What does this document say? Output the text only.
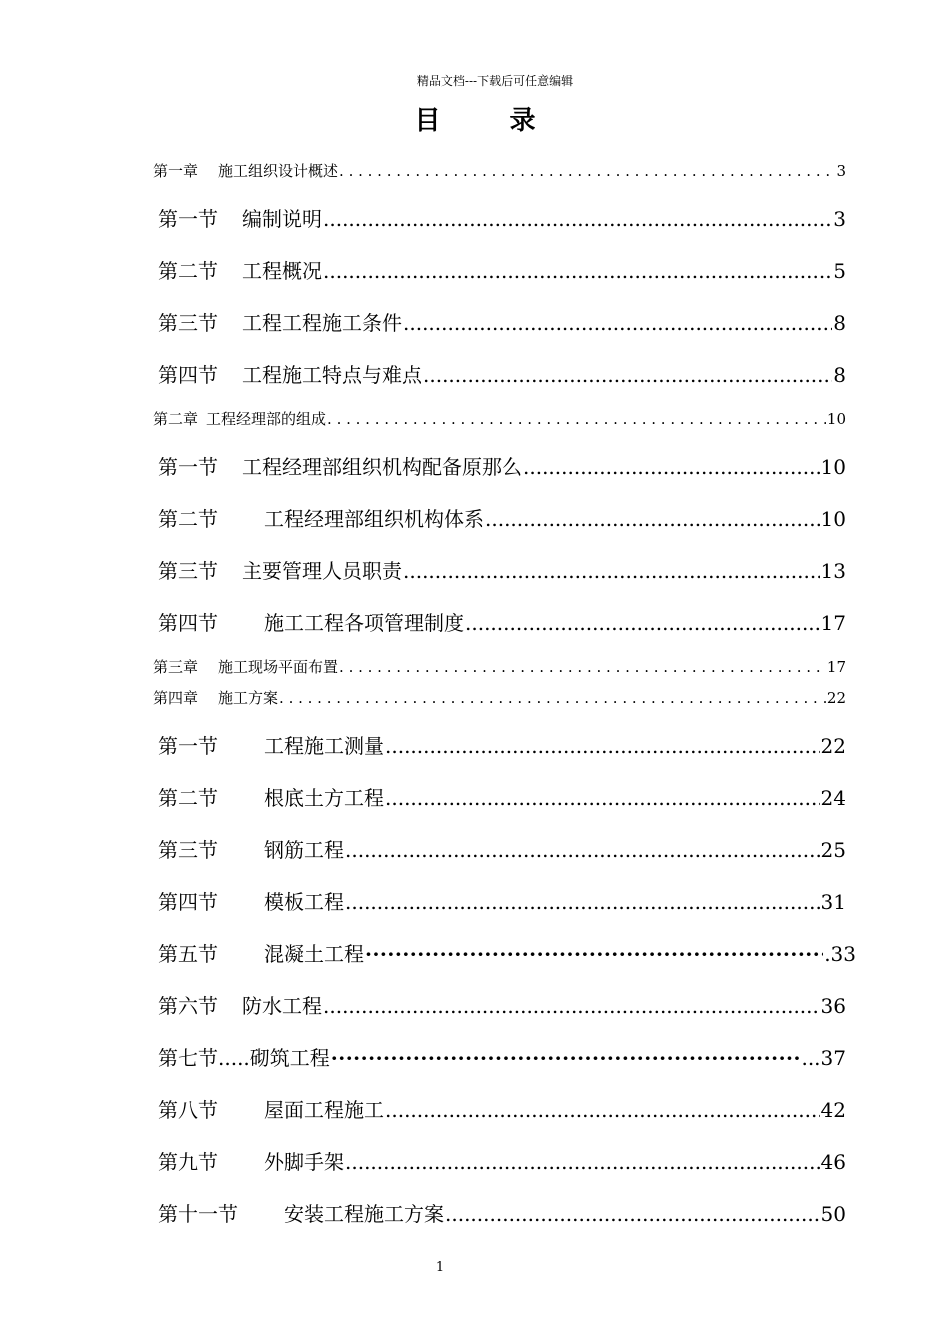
精品文档---下载后可任意编辑
目 录
第一章 施工组织设计概述 . . .	3
第一节 编制说明 .....	3
第二节 工程概况 .....	5
第三节 工程工程施工条件 .....	8
第四节 工程施工特点与难点 .....	8
第二章 工程经理部的组成 . . .	10
第一节 工程经理部组织机构配备原那么 .....	10
第二节 工程经理部组织机构体系 .....	10
第三节 主要管理人员职责 .....	13
第四节 施工工程各项管理制度 .....	17
第三章 施工现场平面布置 . . .	17
第四章 施工方案 . . .	22
第一节 工程施工测量 .....	22
第二节 根底土方工程 .....	24
第三节 钢筋工程 .....	25
第四节 模板工程 .....	31
第五节 混凝土工程 ·····	.33
第六节 防水工程 .....	36
第七节..... 砌筑工程 ·····	...37
第八节 屋面工程施工 .....	42
第九节 外脚手架 .....	46
第十一节 安装工程施工方案 .....	50
1
